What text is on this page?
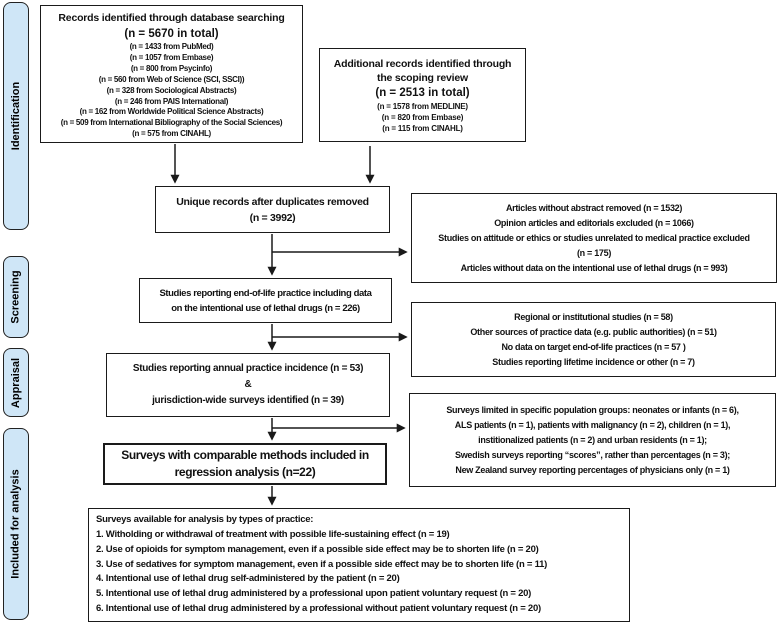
Identification
Screening
Appraisal
Included for analysis
Records identified through database searching
(n = 5670 in total)
(n = 1433 from PubMed)
(n = 1057 from Embase)
(n = 800 from Psycinfo)
(n = 560 from Web of Science (SCI, SSCI))
(n = 328 from Sociological Abstracts)
(n = 246 from PAIS International)
(n = 162 from Worldwide Political Science Abstracts)
(n = 509 from International Bibliography of the Social Sciences)
(n = 575 from CINAHL)
Additional records identified through
the scoping review
(n = 2513 in total)
(n = 1578 from MEDLINE)
(n = 820 from Embase)
(n = 115 from CINAHL)
Unique records after duplicates removed
(n = 3992)
Articles without abstract removed (n = 1532)
Opinion articles and editorials excluded (n = 1066)
Studies on attitude or ethics or studies unrelated to medical practice excluded
(n = 175)
Articles without data on the intentional use of lethal drugs (n = 993)
Studies reporting end-of-life practice including data
on the intentional use of lethal drugs (n = 226)
Regional or institutional studies (n = 58)
Other sources of practice data (e.g. public authorities) (n = 51)
No data on target end-of-life practices (n = 57 )
Studies reporting lifetime incidence or other (n = 7)
Studies reporting annual practice incidence (n = 53)
&
jurisdiction-wide surveys identified (n = 39)
Surveys limited in specific population groups: neonates or infants (n = 6),
ALS patients (n = 1), patients with malignancy (n = 2), children (n = 1),
institionalized patients (n = 2) and urban residents (n = 1);
Swedish surveys reporting “scores”, rather than percentages (n = 3);
New Zealand survey reporting percentages of physicians only (n = 1)
Surveys with comparable methods included in
regression analysis (n=22)
Surveys available for analysis by types of practice:
1. Witholding or withdrawal of treatment with possible life-sustaining effect (n = 19)
2. Use of opioids for symptom management, even if a possible side effect may be to shorten life (n = 20)
3. Use of sedatives for symptom management, even if a possible side effect may be to shorten life (n = 11)
4. Intentional use of lethal drug self-administered by the patient (n = 20)
5. Intentional use of lethal drug administered by a professional upon patient voluntary request (n = 20)
6. Intentional use of lethal drug administered by a professional without patient voluntary request (n = 20)
